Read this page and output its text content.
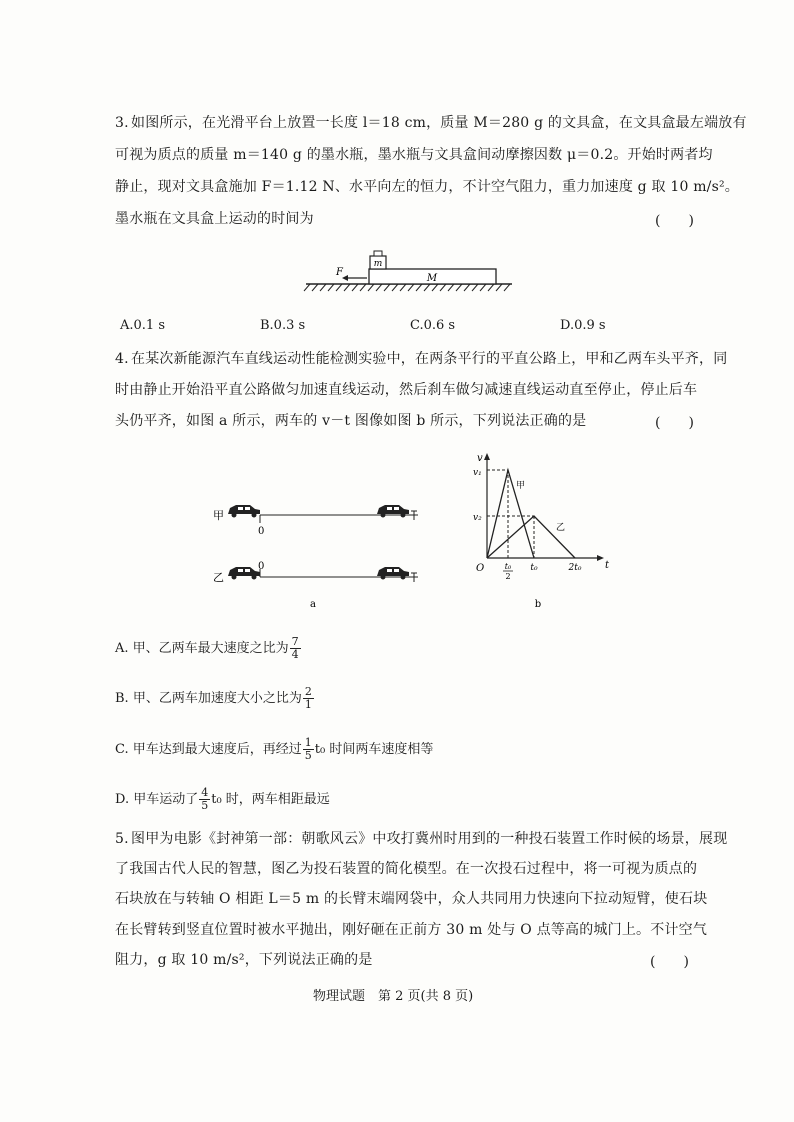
3. 如图所示，在光滑平台上放置一长度 l＝18 cm，质量 M＝280 g 的文具盒，在文具盒最左端放有
可视为质点的质量 m＝140 g 的墨水瓶，墨水瓶与文具盒间动摩擦因数 μ＝0.2。开始时两者均
静止，现对文具盒施加 F＝1.12 N、水平向左的恒力，不计空气阻力，重力加速度 g 取 10 m/s²。
墨水瓶在文具盒上运动的时间为	(　　)
m
M
F
A.0.1 s	B.0.3 s	C.0.6 s	D.0.9 s
4. 在某次新能源汽车直线运动性能检测实验中，在两条平行的平直公路上，甲和乙两车头平齐，同
时由静止开始沿平直公路做匀加速直线运动，然后刹车做匀减速直线运动直至停止，停止后车
头仍平齐，如图 a 所示，两车的 v－t 图像如图 b 所示，下列说法正确的是	(　　)
甲
乙
0
0
a
v
t
O
v₁
v₂
甲
乙
t₀
2
t₀	2t₀
b
A. 甲、乙两车最大速度之比为 $\frac{7}{4}$
B. 甲、乙两车加速度大小之比为 $\frac{2}{1}$
C. 甲车达到最大速度后，再经过 $\frac{1}{5} t_0$ 时间两车速度相等
D. 甲车运动了 $\frac{4}{5} t_0$ 时，两车相距最远
5. 图甲为电影《封神第一部：朝歌风云》中攻打冀州时用到的一种投石装置工作时候的场景，展现
了我国古代人民的智慧，图乙为投石装置的简化模型。在一次投石过程中，将一可视为质点的
石块放在与转轴 O 相距 L＝5 m 的长臂末端网袋中，众人共同用力快速向下拉动短臂，使石块
在长臂转到竖直位置时被水平抛出，刚好砸在正前方 30 m 处与 O 点等高的城门上。不计空气
阻力，g 取 10 m/s²，下列说法正确的是	(　　)
物理试题　第 2 页(共 8 页)
